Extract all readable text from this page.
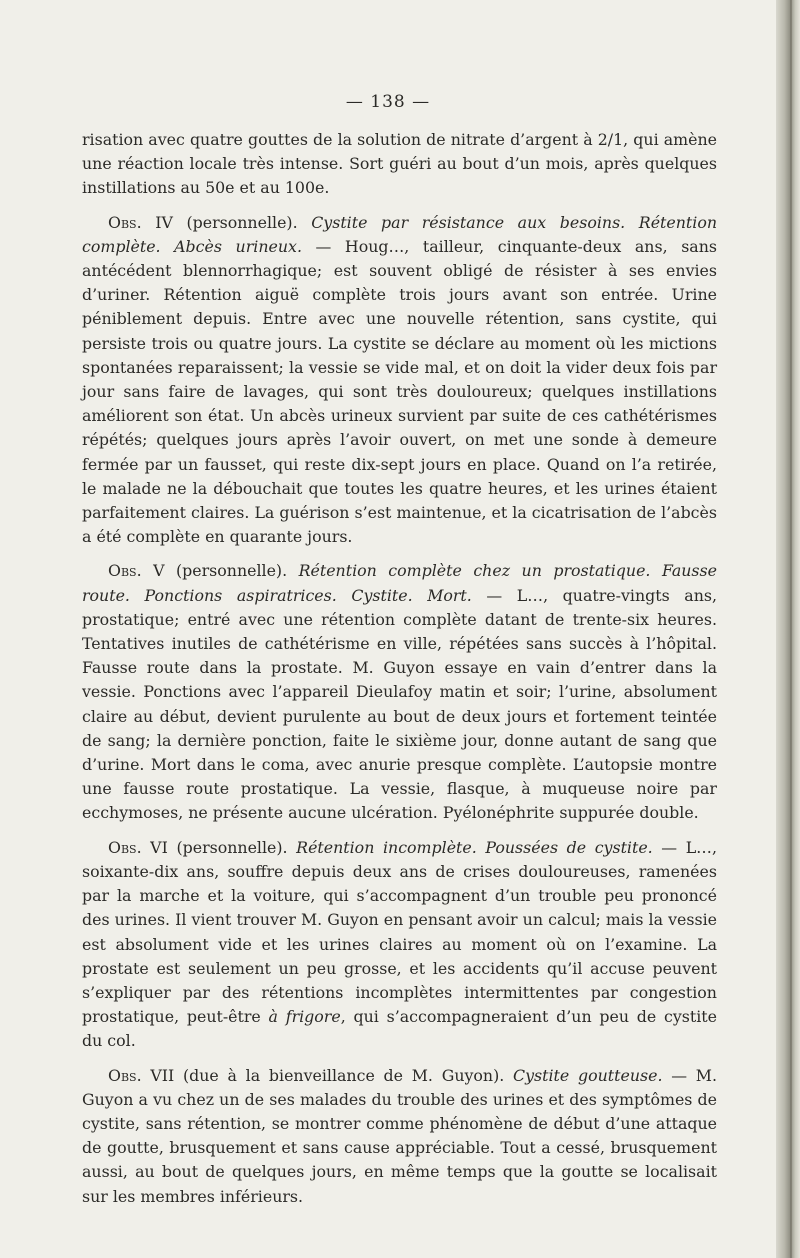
— 138 —

risation avec quatre gouttes de la solution de nitrate d’argent à 2/1, qui amène une réaction locale très intense. Sort guéri au bout d’un mois, après quelques instillations au 50e et au 100e.

Obs. IV (personnelle). Cystite par résistance aux besoins. Rétention complète. Abcès urineux. — Houg…, tailleur, cinquante-deux ans, sans antécédent blennorrhagique; est souvent obligé de résister à ses envies d’uriner. Rétention aiguë complète trois jours avant son entrée. Urine péniblement depuis. Entre avec une nouvelle rétention, sans cystite, qui persiste trois ou quatre jours. La cystite se déclare au moment où les mictions spontanées reparaissent; la vessie se vide mal, et on doit la vider deux fois par jour sans faire de lavages, qui sont très douloureux; quelques instillations améliorent son état. Un abcès urineux survient par suite de ces cathétérismes répétés; quelques jours après l’avoir ouvert, on met une sonde à demeure fermée par un fausset, qui reste dix-sept jours en place. Quand on l’a retirée, le malade ne la débouchait que toutes les quatre heures, et les urines étaient parfaitement claires. La guérison s’est maintenue, et la cicatrisation de l’abcès a été complète en quarante jours.

Obs. V (personnelle). Rétention complète chez un prostatique. Fausse route. Ponctions aspiratrices. Cystite. Mort. — L…, quatre-vingts ans, prostatique; entré avec une rétention complète datant de trente-six heures. Tentatives inutiles de cathétérisme en ville, répétées sans succès à l’hôpital. Fausse route dans la prostate. M. Guyon essaye en vain d’entrer dans la vessie. Ponctions avec l’appareil Dieulafoy matin et soir; l’urine, absolument claire au début, devient purulente au bout de deux jours et fortement teintée de sang; la dernière ponction, faite le sixième jour, donne autant de sang que d’urine. Mort dans le coma, avec anurie presque complète. L’autopsie montre une fausse route prostatique. La vessie, flasque, à muqueuse noire par ecchymoses, ne présente aucune ulcération. Pyélonéphrite suppurée double.

Obs. VI (personnelle). Rétention incomplète. Poussées de cystite. — L…, soixante-dix ans, souffre depuis deux ans de crises douloureuses, ramenées par la marche et la voiture, qui s’accompagnent d’un trouble peu prononcé des urines. Il vient trouver M. Guyon en pensant avoir un calcul; mais la vessie est absolument vide et les urines claires au moment où on l’examine. La prostate est seulement un peu grosse, et les accidents qu’il accuse peuvent s’expliquer par des rétentions incomplètes intermittentes par congestion prostatique, peut-être à frigore, qui s’accompagneraient d’un peu de cystite du col.

Obs. VII (due à la bienveillance de M. Guyon). Cystite goutteuse. — M. Guyon a vu chez un de ses malades du trouble des urines et des symptômes de cystite, sans rétention, se montrer comme phénomène de début d’une attaque de goutte, brusquement et sans cause appréciable. Tout a cessé, brusquement aussi, au bout de quelques jours, en même temps que la goutte se localisait sur les membres inférieurs.
